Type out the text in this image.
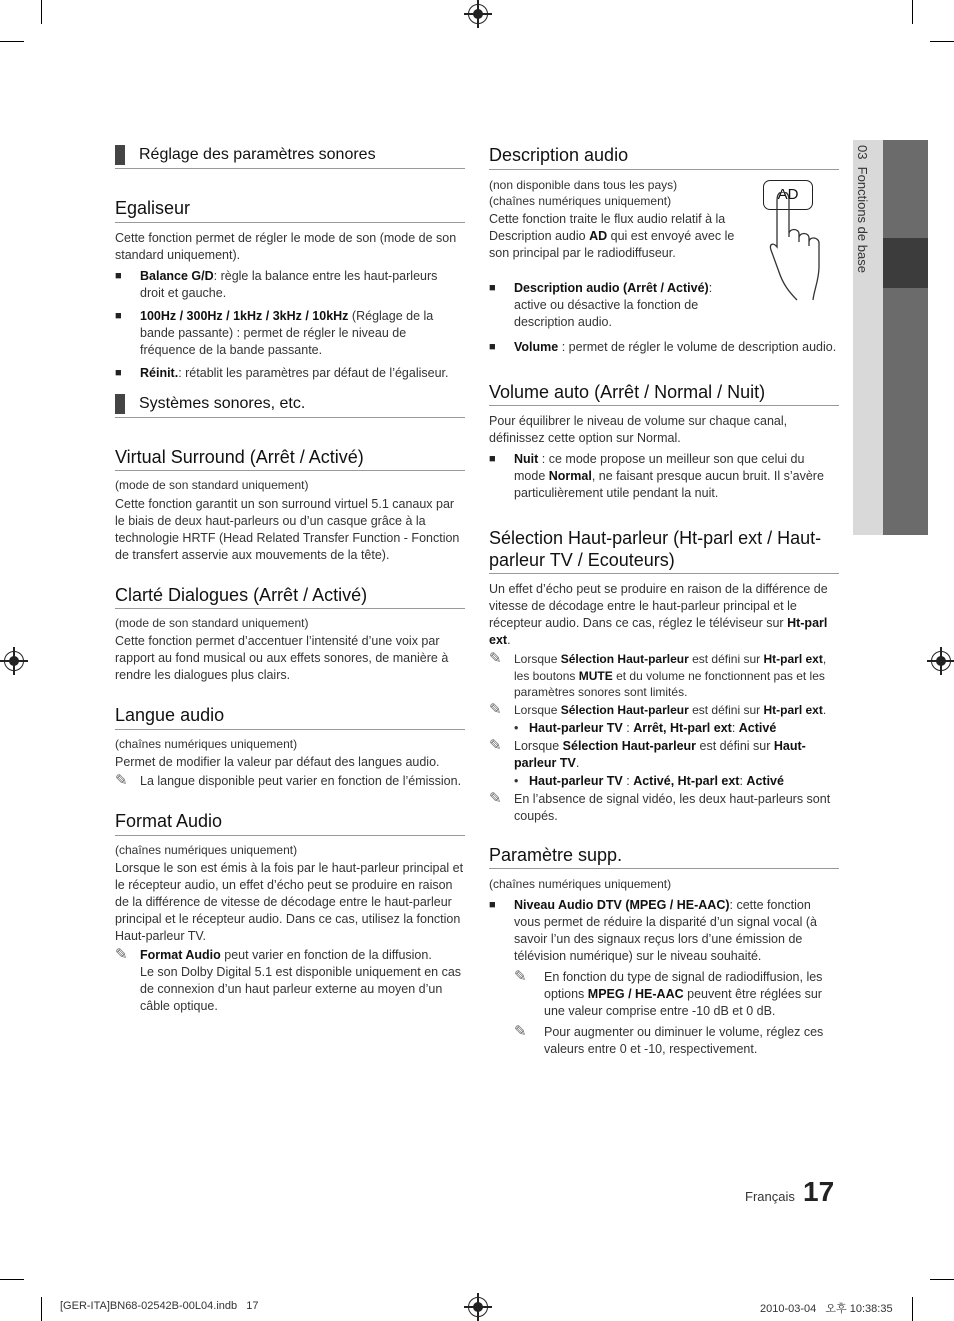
03  Fonctions de base
Réglage des paramètres sonores
Egaliseur
Cette fonction permet de régler le mode de son (mode de son standard uniquement).
■	Balance G/D: règle la balance entre les haut-parleurs droit et gauche.
■	100Hz / 300Hz / 1kHz / 3kHz / 10kHz (Réglage de la bande passante) : permet de régler le niveau de fréquence de la bande passante.
■	Réinit.: rétablit les paramètres par défaut de l’égaliseur.
Systèmes sonores, etc.
Virtual Surround (Arrêt / Activé)
(mode de son standard uniquement)
Cette fonction garantit un son surround virtuel 5.1 canaux par le biais de deux haut-parleurs ou d’un casque grâce à la technologie HRTF (Head Related Transfer Function - Fonction de transfert asservie aux mouvements de la tête).
Clarté Dialogues (Arrêt / Activé)
(mode de son standard uniquement)
Cette fonction permet d’accentuer l’intensité d’une voix par rapport au fond musical ou aux effets sonores, de manière à rendre les dialogues plus clairs.
Langue audio
(chaînes numériques uniquement)
Permet de modifier la valeur par défaut des langues audio.
✎ La langue disponible peut varier en fonction de l’émission.
Format Audio
(chaînes numériques uniquement)
Lorsque le son est émis à la fois par le haut-parleur principal et le récepteur audio, un effet d’écho peut se produire en raison de la différence de vitesse de décodage entre le haut-parleur principal et le récepteur audio. Dans ce cas, utilisez la fonction Haut-parleur TV.
✎ Format Audio peut varier en fonction de la diffusion.
Le son Dolby Digital 5.1 est disponible uniquement en cas de connexion d’un haut parleur externe au moyen d’un câble optique.
Description audio
(non disponible dans tous les pays)
(chaînes numériques uniquement)
Cette fonction traite le flux audio relatif à la Description audio AD qui est envoyé avec le son principal par le radiodiffuseur.
AD
■	Description audio (Arrêt / Activé): active ou désactive la fonction de description audio.
■	Volume : permet de régler le volume de description audio.
Volume auto (Arrêt / Normal / Nuit)
Pour équilibrer le niveau de volume sur chaque canal, définissez cette option sur Normal.
■	Nuit : ce mode propose un meilleur son que celui du mode Normal, ne faisant presque aucun bruit. Il s’avère particulièrement utile pendant la nuit.
Sélection Haut-parleur (Ht-parl ext / Haut-parleur TV / Ecouteurs)
Un effet d’écho peut se produire en raison de la différence de vitesse de décodage entre le haut-parleur principal et le récepteur audio. Dans ce cas, réglez le téléviseur sur Ht-parl ext.
✎	Lorsque Sélection Haut-parleur est défini sur Ht-parl ext, les boutons MUTE et du volume ne fonctionnent pas et les paramètres sonores sont limités.
✎	Lorsque Sélection Haut-parleur est défini sur Ht-parl ext.
• Haut-parleur TV : Arrêt, Ht-parl ext: Activé
✎ Lorsque Sélection Haut-parleur est défini sur Haut-parleur TV.
• Haut-parleur TV : Activé, Ht-parl ext: Activé
✎ En l’absence de signal vidéo, les deux haut-parleurs sont coupés.
Paramètre supp.
(chaînes numériques uniquement)
■	Niveau Audio DTV (MPEG / HE-AAC): cette fonction vous permet de réduire la disparité d’un signal vocal (à savoir l’un des signaux reçus lors d’une émission de télévision numérique) sur le niveau souhaité.
✎	En fonction du type de signal de radiodiffusion, les options MPEG / HE-AAC peuvent être réglées sur une valeur comprise entre -10 dB et 0 dB.
✎	Pour augmenter ou diminuer le volume, réglez ces valeurs entre 0 et -10, respectivement.
Français 17
[GER-ITA]BN68-02542B-00L04.indb   17	2010-03-04   오후 10:38:35
